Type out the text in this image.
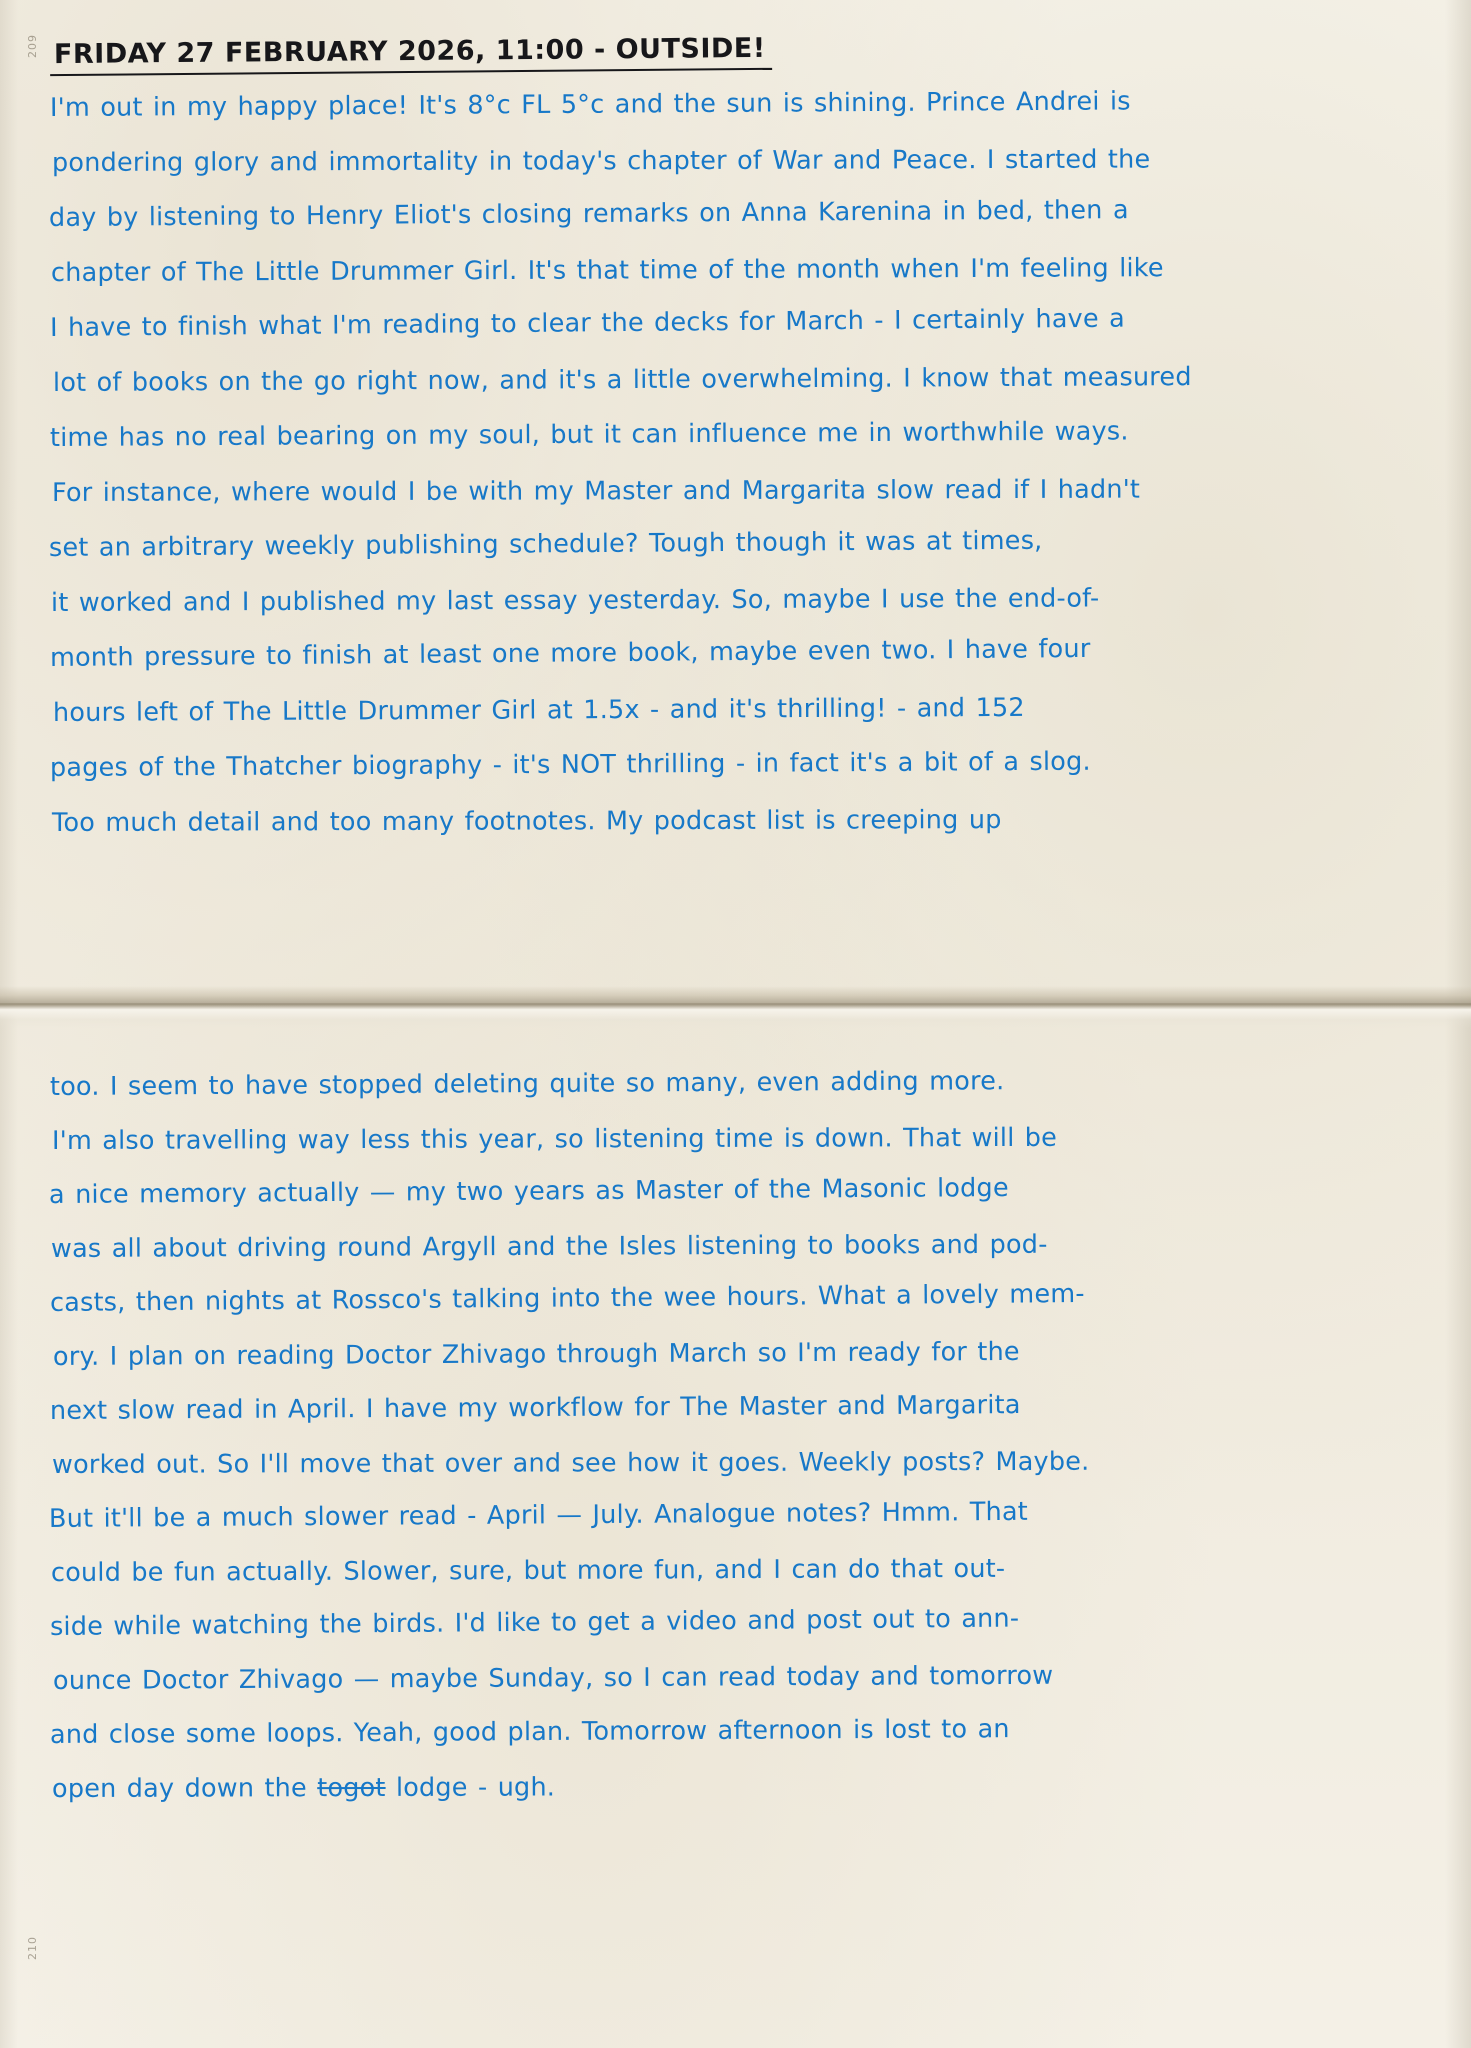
209 FRIDAY 27 FEBRUARY 2026, 11:00 - OUTSIDE!
I'm out in my happy place! It's 8°c FL 5°c and the sun is shining. Prince Andrei is
pondering glory and immortality in today's chapter of War and Peace. I started the
day by listening to Henry Eliot's closing remarks on Anna Karenina in bed, then a
chapter of The Little Drummer Girl. It's that time of the month when I'm feeling like
I have to finish what I'm reading to clear the decks for March - I certainly have a
lot of books on the go right now, and it's a little overwhelming. I know that measured
time has no real bearing on my soul, but it can influence me in worthwhile ways.
For instance, where would I be with my Master and Margarita slow read if I hadn't
set an arbitrary weekly publishing schedule? Tough though it was at times,
it worked and I published my last essay yesterday. So, maybe I use the end-of-
month pressure to finish at least one more book, maybe even two. I have four
hours left of The Little Drummer Girl at 1.5x - and it's thrilling! - and 152
pages of the Thatcher biography - it's NOT thrilling - in fact it's a bit of a slog.
Too much detail and too many footnotes. My podcast list is creeping up
too. I seem to have stopped deleting quite so many, even adding more.
I'm also travelling way less this year, so listening time is down. That will be
a nice memory actually — my two years as Master of the Masonic lodge
was all about driving round Argyll and the Isles listening to books and pod-
casts, then nights at Rossco's talking into the wee hours. What a lovely mem-
ory. I plan on reading Doctor Zhivago through March so I'm ready for the
next slow read in April. I have my workflow for The Master and Margarita
worked out. So I'll move that over and see how it goes. Weekly posts? Maybe.
But it'll be a much slower read - April — July. Analogue notes? Hmm. That
could be fun actually. Slower, sure, but more fun, and I can do that out-
side while watching the birds. I'd like to get a video and post out to ann-
ounce Doctor Zhivago — maybe Sunday, so I can read today and tomorrow
and close some loops. Yeah, good plan. Tomorrow afternoon is lost to an
open day down the togot lodge - ugh.
210
